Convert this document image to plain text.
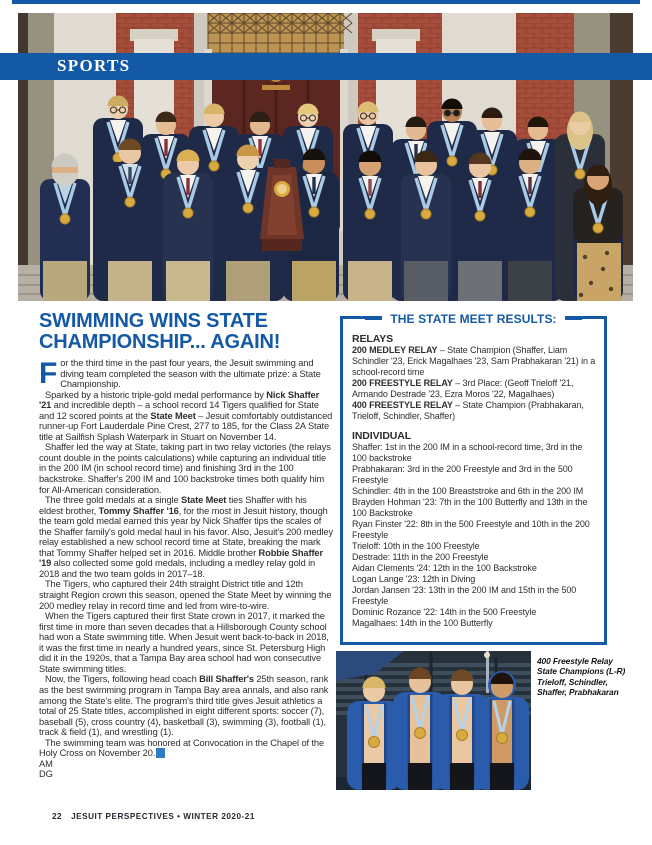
SPORTS
SWIMMING WINS STATE
CHAMPIONSHIP... AGAIN!

For the third time in the past four years, the Jesuit swimming and diving team completed the season with the ultimate prize: a State Championship.

Sparked by a historic triple-gold medal performance by Nick Shaffer '21 and incredible depth – a school record 14 Tigers qualified for State and 12 scored points at the State Meet – Jesuit comfortably outdistanced runner-up Fort Lauderdale Pine Crest, 277 to 185, for the Class 2A State title at Sailfish Splash Waterpark in Stuart on November 14.

Shaffer led the way at State, taking part in two relay victories (the relays count double in the points calculations) while capturing an individual title in the 200 IM (in school record time) and finishing 3rd in the 100 backstroke. Shaffer's 200 IM and 100 backstroke times both qualify him for All-American consideration.

The three gold medals at a single State Meet ties Shaffer with his eldest brother, Tommy Shaffer '16, for the most in Jesuit history, though the team gold medal earned this year by Nick Shaffer tips the scales of the Shaffer family's gold medal haul in his favor. Also, Jesuit's 200 medley relay established a new school record time at State, breaking the mark that Tommy Shaffer helped set in 2016. Middle brother Robbie Shaffer '19 also collected some gold medals, including a medley relay gold in 2018 and the two team golds in 2017–18.

The Tigers, who captured their 24th straight District title and 12th straight Region crown this season, opened the State Meet by winning the 200 medley relay in record time and led from wire-to-wire.

When the Tigers captured their first State crown in 2017, it marked the first time in more than seven decades that a Hillsborough County school had won a State swimming title. When Jesuit went back-to-back in 2018, it was the first time in nearly a hundred years, since St. Petersburg High did it in the 1920s, that a Tampa Bay area school had won consecutive State swimming titles.

Now, the Tigers, following head coach Bill Shaffer's 25th season, rank as the best swimming program in Tampa Bay area annals, and also rank among the State's elite. The program's third title gives Jesuit athletics a total of 25 State titles, accomplished in eight different sports: soccer (7), baseball (5), cross country (4), basketball (3), swimming (3), football (1), track & field (1), and wrestling (1).

The swimming team was honored at Convocation in the Chapel of the Holy Cross on November 20.

AM
DG

THE STATE MEET RESULTS:
RELAYS

200 MEDLEY RELAY – State Champion (Shaffer, Liam Schindler '23, Erick Magalhaes '23, Sam Prabhakaran '21) in a school-record time

200 FREESTYLE RELAY – 3rd Place: (Geoff Trieloff '21, Armando Destrade '23, Ezra Moros '22, Magalhaes)

400 FREESTYLE RELAY – State Champion (Prabhakaran, Trieloff, Schindler, Shaffer)

INDIVIDUAL

Shaffer: 1st in the 200 IM in a school-record time, 3rd in the 100 backstroke

Prabhakaran: 3rd in the 200 Freestyle and 3rd in the 500 Freestyle

Schindler: 4th in the 100 Breaststroke and 6th in the 200 IM

Brayden Hohman '23: 7th in the 100 Butterfly and 13th in the 100 Backstroke

Ryan Finster '22: 8th in the 500 Freestyle and 10th in the 200 Freestyle

Trieloff: 10th in the 100 Freestyle

Destrade: 11th in the 200 Freestyle

Aidan Clements '24: 12th in the 100 Backstroke

Logan Lange '23: 12th in Diving

Jordan Jansen '23: 13th in the 200 IM and 15th in the 500 Freestyle

Dominic Rozance '22: 14th in the 500 Freestyle

Magalhaes: 14th in the 100 Butterfly

400 Freestyle Relay
State Champions (L-R)
Trieloff, Schindler,
Shaffer, Prabhakaran
22 JESUIT PERSPECTIVES • WINTER 2020-21
